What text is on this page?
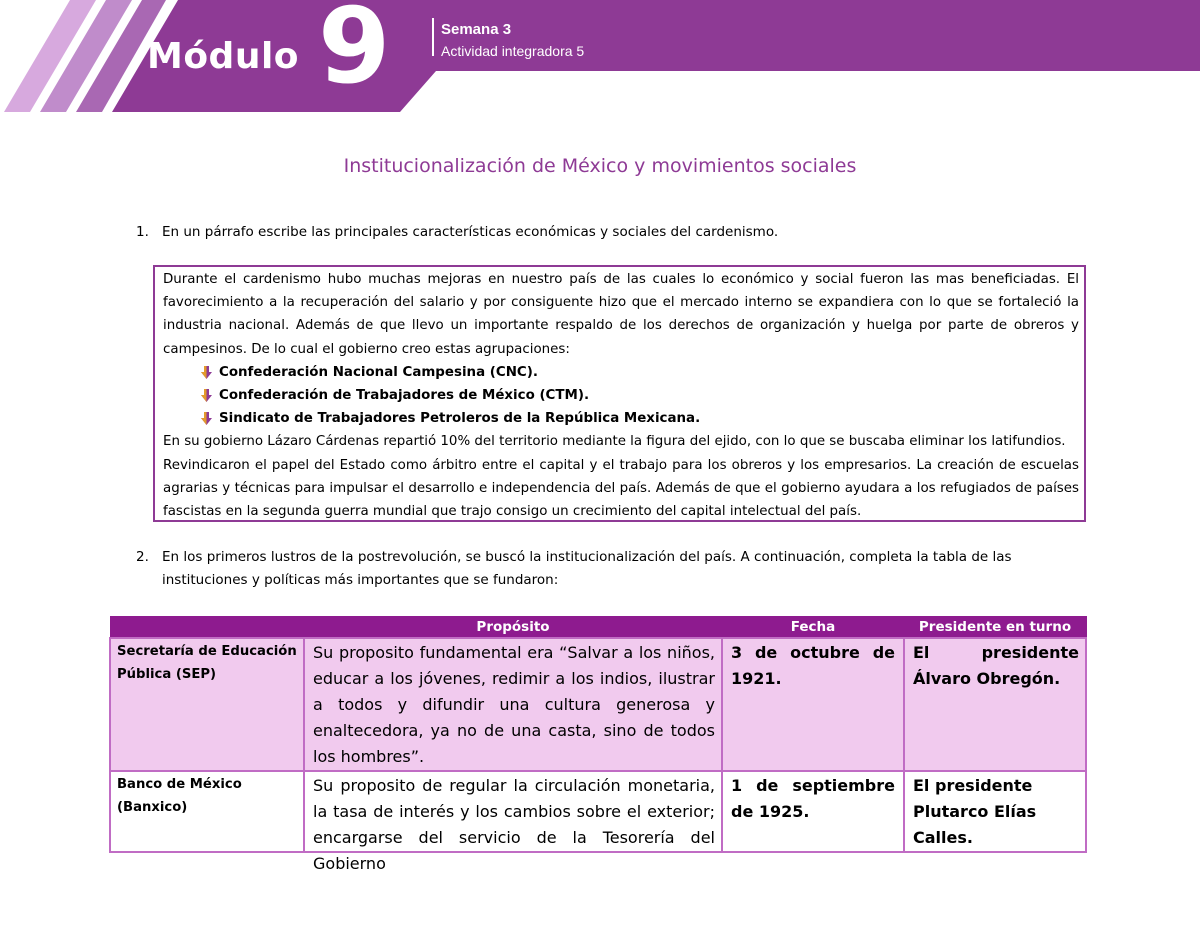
Módulo 9	Semana 3
Actividad integradora 5
Institucionalización de México y movimientos sociales
1. En un párrafo escribe las principales características económicas y sociales del cardenismo.

Durante el cardenismo hubo muchas mejoras en nuestro país de las cuales lo económico y social fueron las mas beneficiadas. El favorecimiento a la recuperación del salario y por consiguente hizo que el mercado interno se expandiera con lo que se fortaleció la industria nacional. Además de que llevo un importante respaldo de los derechos de organización y huelga por parte de obreros y campesinos. De lo cual el gobierno creo estas agrupaciones:

Confederación Nacional Campesina (CNC).
Confederación de Trabajadores de México (CTM).
Sindicato de Trabajadores Petroleros de la República Mexicana.

En su gobierno Lázaro Cárdenas repartió 10% del territorio mediante la figura del ejido, con lo que se buscaba eliminar los latifundios.

Revindicaron el papel del Estado como árbitro entre el capital y el trabajo para los obreros y los empresarios. La creación de escuelas agrarias y técnicas para impulsar el desarrollo e independencia del país. Además de que el gobierno ayudara a los refugiados de países fascistas en la segunda guerra mundial que trajo consigo un crecimiento del capital intelectual del país.

2. En los primeros lustros de la postrevolución, se buscó la institucionalización del país. A continuación, completa la tabla de las
instituciones y políticas más importantes que se fundaron:
	Propósito	Fecha	Presidente en turno
Secretaría de Educación Pública (SEP)	Su proposito fundamental era “Salvar a los niños, educar a los jóvenes, redimir a los indios, ilustrar a todos y difundir una cultura generosa y enaltecedora, ya no de una casta, sino de todos los hombres”.	3 de octubre de 1921.	El presidente Álvaro Obregón.
Banco de México (Banxico)	Su proposito de regular la circulación monetaria, la tasa de interés y los cambios sobre el exterior; encargarse del servicio de la Tesorería del Gobierno	1 de septiembre de 1925.	El presidente Plutarco Elías Calles.
